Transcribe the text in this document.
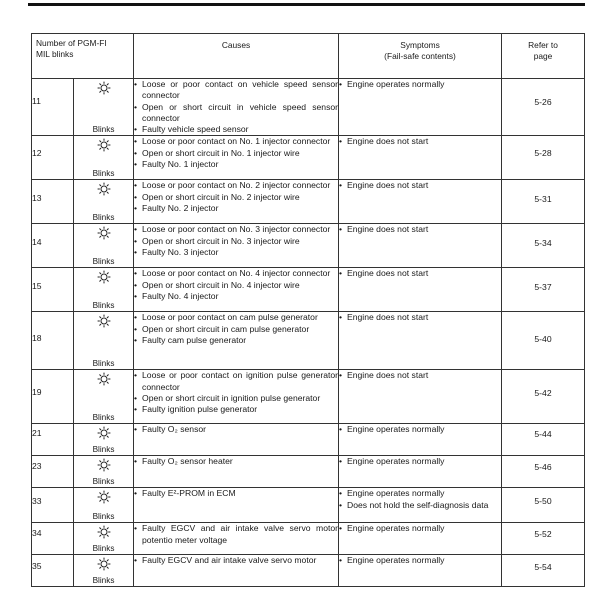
Number of PGM-FI
MIL blinks		Causes	Symptoms
(Fail-safe contents)	Refer to
page

11	Blinks	• Loose or poor contact on vehicle speed sensor connector
• Open or short circuit in vehicle speed sensor connector
• Faulty vehicle speed sensor	• Engine operates normally	5-26

12	Blinks	• Loose or poor contact on No. 1 injector connector
• Open or short circuit in No. 1 injector wire
• Faulty No. 1 injector	• Engine does not start	5-28

13	Blinks	• Loose or poor contact on No. 2 injector connector
• Open or short circuit in No. 2 injector wire
• Faulty No. 2 injector	• Engine does not start	5-31

14	Blinks	• Loose or poor contact on No. 3 injector connector
• Open or short circuit in No. 3 injector wire
• Faulty No. 3 injector	• Engine does not start	5-34

15	Blinks	• Loose or poor contact on No. 4 injector connector
• Open or short circuit in No. 4 injector wire
• Faulty No. 4 injector	• Engine does not start	5-37

18	Blinks	• Loose or poor contact on cam pulse generator
• Open or short circuit in cam pulse generator
• Faulty cam pulse generator	• Engine does not start	5-40

19	Blinks	• Loose or poor contact on ignition pulse generator connector
• Open or short circuit in ignition pulse generator
• Faulty ignition pulse generator	• Engine does not start	5-42

21	Blinks	• Faulty O₂ sensor	• Engine operates normally	5-44

23	Blinks	• Faulty O₂ sensor heater	• Engine operates normally	5-46

33	Blinks	• Faulty E²-PROM in ECM	• Engine operates normally
• Does not hold the self-diagnosis data	5-50

34	Blinks	• Faulty EGCV and air intake valve servo motor potentio meter voltage	• Engine operates normally	5-52

35	Blinks	• Faulty EGCV and air intake valve servo motor	• Engine operates normally	5-54
